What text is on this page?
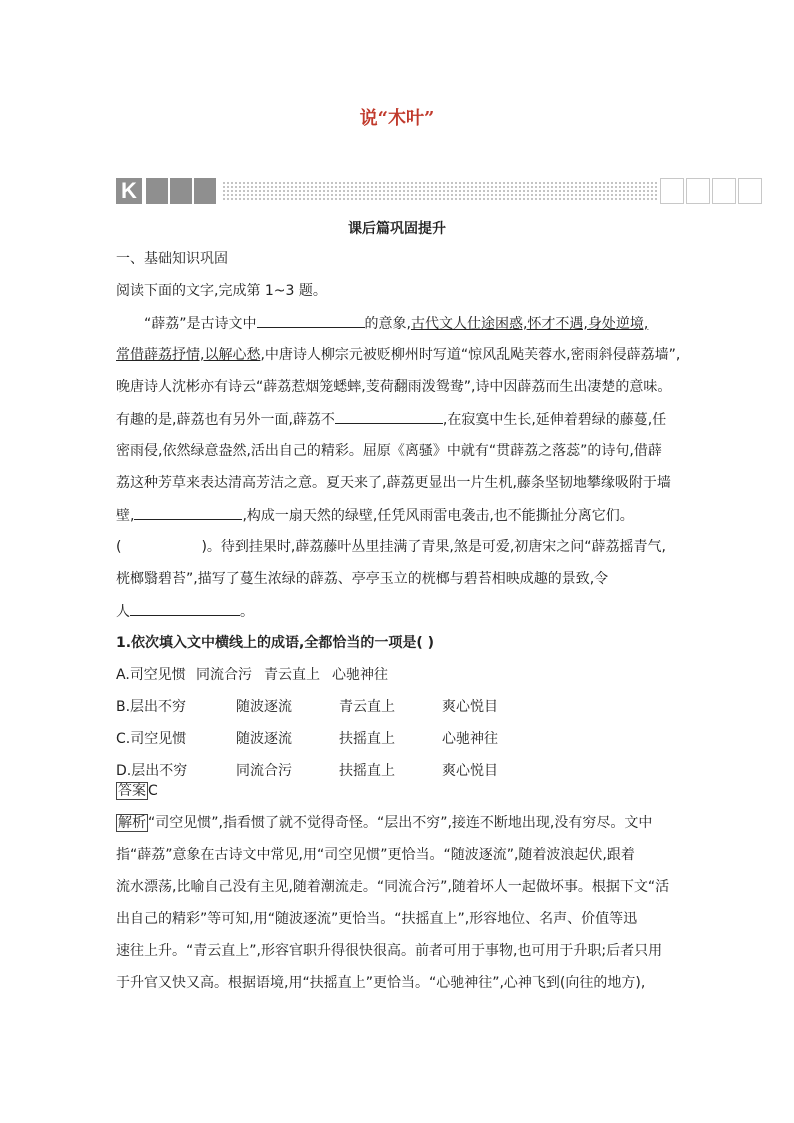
说“木叶”
K
课后篇巩固提升
一、基础知识巩固
阅读下面的文字,完成第 1~3 题。
“薜荔”是古诗文中	的意象,古代文人仕途困惑,怀才不遇,身处逆境,
常借薜荔抒情,以解心愁,中唐诗人柳宗元被贬柳州时写道“惊风乱飐芙蓉水,密雨斜侵薜荔墙”,
晚唐诗人沈彬亦有诗云“薜荔惹烟笼蟋蟀,芰荷翻雨泼鸳鸯”,诗中因薜荔而生出凄楚的意味。
有趣的是,薜荔也有另外一面,薜荔不	,在寂寞中生长,延伸着碧绿的藤蔓,任
密雨侵,依然绿意盎然,活出自己的精彩。屈原《离骚》中就有“贯薜荔之落蕊”的诗句,借薜
荔这种芳草来表达清高芳洁之意。夏天来了,薜荔更显出一片生机,藤条坚韧地攀缘吸附于墙
壁,	,构成一扇天然的绿壁,任凭风雨雷电袭击,也不能撕扯分离它们。
(	)。待到挂果时,薜荔藤叶丛里挂满了青果,煞是可爱,初唐宋之问“薜荔摇青气,
桄榔翳碧苔”,描写了蔓生浓绿的薜荔、亭亭玉立的桄榔与碧苔相映成趣的景致,令
人	。
1.依次填入文中横线上的成语,全都恰当的一项是( )
A.司空见惯 同流合污 青云直上 心驰神往
B.层出不穷	随波逐流	青云直上	爽心悦目
C.司空见惯	随波逐流	扶摇直上	心驰神往
D.层出不穷	同流合污	扶摇直上	爽心悦目
答案 C
解析 “司空见惯”,指看惯了就不觉得奇怪。“层出不穷”,接连不断地出现,没有穷尽。文中
指“薜荔”意象在古诗文中常见,用“司空见惯”更恰当。“随波逐流”,随着波浪起伏,跟着
流水漂荡,比喻自己没有主见,随着潮流走。“同流合污”,随着坏人一起做坏事。根据下文“活
出自己的精彩”等可知,用“随波逐流”更恰当。“扶摇直上”,形容地位、名声、价值等迅
速往上升。“青云直上”,形容官职升得很快很高。前者可用于事物,也可用于升职;后者只用
于升官又快又高。根据语境,用“扶摇直上”更恰当。“心驰神往”,心神飞到(向往的地方),
